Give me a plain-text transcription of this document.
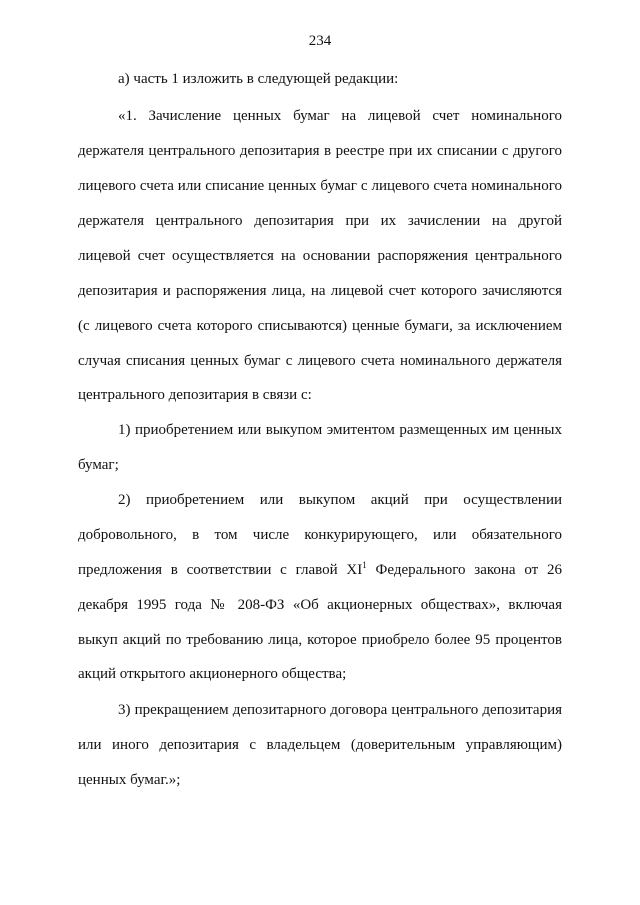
234
а) часть 1 изложить в следующей редакции:
«1. Зачисление ценных бумаг на лицевой счет номинального
держателя центрального депозитария в реестре при их списании с другого
лицевого счета или списание ценных бумаг с лицевого счета номинального
держателя центрального депозитария при их зачислении на другой
лицевой счет осуществляется на основании распоряжения центрального
депозитария и распоряжения лица, на лицевой счет которого зачисляются
(с лицевого счета которого списываются) ценные бумаги, за исключением
случая списания ценных бумаг с лицевого счета номинального держателя
центрального депозитария в связи с:
1) приобретением или выкупом эмитентом размещенных им ценных
бумаг;
2) приобретением или выкупом акций при осуществлении
добровольного, в том числе конкурирующего, или обязательного
предложения в соответствии с главой $XI^1$ Федерального закона от 26
декабря 1995 года № 208-ФЗ «Об акционерных обществах», включая
выкуп акций по требованию лица, которое приобрело более 95 процентов
акций открытого акционерного общества;
3) прекращением депозитарного договора центрального депозитария
или иного депозитария с владельцем (доверительным управляющим)
ценных бумаг.»;
